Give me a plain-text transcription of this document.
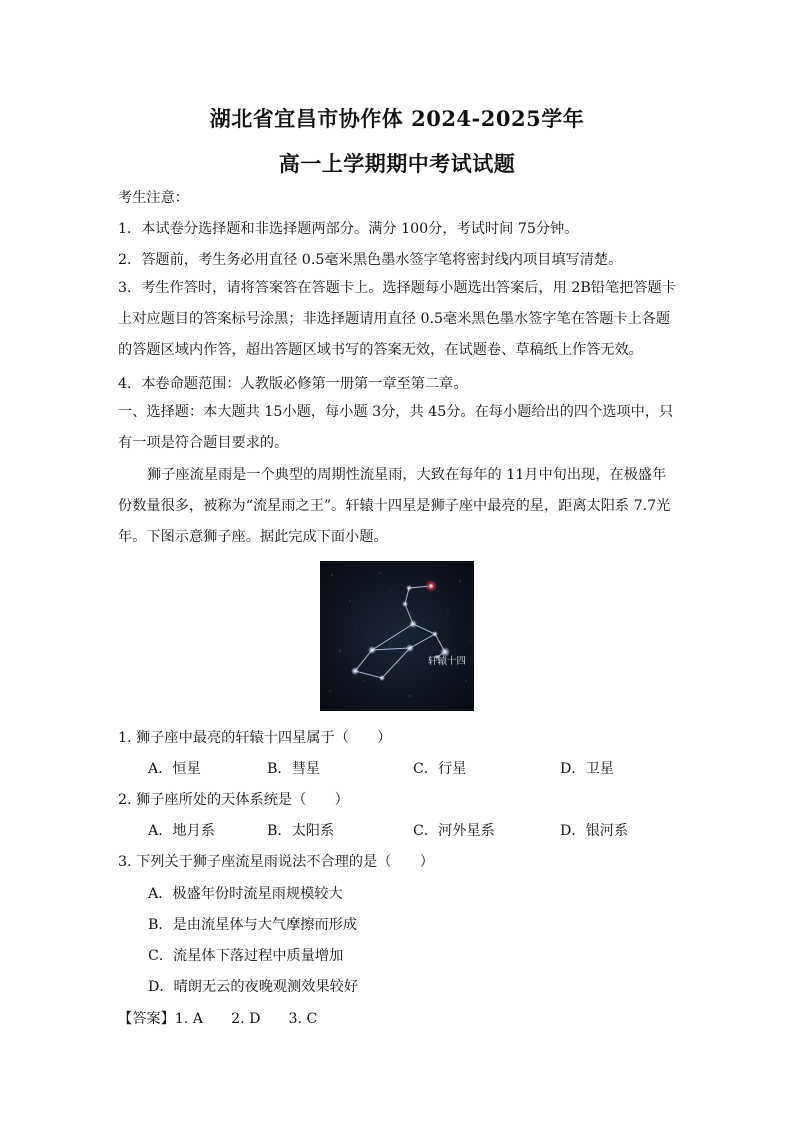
湖北省宜昌市协作体 2024-2025学年
高一上学期期中考试试题
考生注意：
1．本试卷分选择题和非选择题两部分。满分 100分，考试时间 75分钟。
2．答题前，考生务必用直径 0.5毫米黑色墨水签字笔将密封线内项目填写清楚。
3．考生作答时，请将答案答在答题卡上。选择题每小题选出答案后，用 2B铅笔把答题卡上对应题目的答案标号涂黑；非选择题请用直径 0.5毫米黑色墨水签字笔在答题卡上各题的答题区域内作答，超出答题区域书写的答案无效，在试题卷、草稿纸上作答无效。
4．本卷命题范围：人教版必修第一册第一章至第二章。
一、选择题：本大题共 15小题，每小题 3分，共 45分。在每小题给出的四个选项中，只有一项是符合题目要求的。
狮子座流星雨是一个典型的周期性流星雨，大致在每年的 11月中旬出现，在极盛年份数量很多，被称为“流星雨之王”。轩辕十四星是狮子座中最亮的星，距离太阳系 7.7光年。下图示意狮子座。据此完成下面小题。
轩辕十四
1. 狮子座中最亮的轩辕十四星属于（　　）
A．恒星	B．彗星	C．行星	D．卫星
2. 狮子座所处的天体系统是（　　）
A．地月系	B．太阳系	C．河外星系	D．银河系
3. 下列关于狮子座流星雨说法不合理的是（　　）
A．极盛年份时流星雨规模较大
B．是由流星体与大气摩擦而形成
C．流星体下落过程中质量增加
D．晴朗无云的夜晚观测效果较好
【答案】1. A 2. D 3. C
